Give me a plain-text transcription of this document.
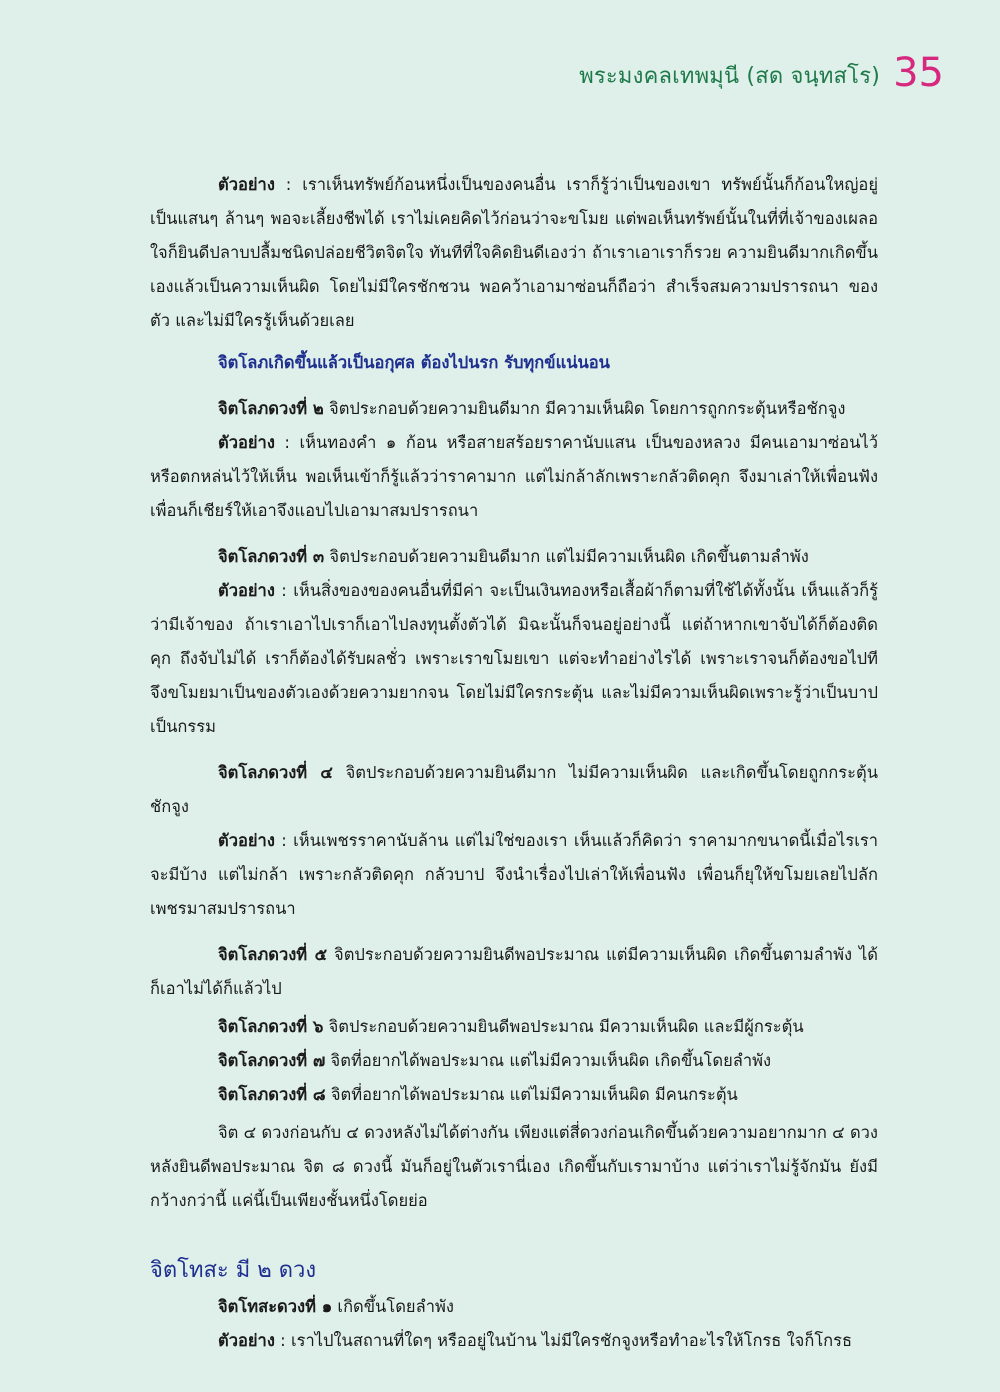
พระมงคลเทพมุนี (สด จนฺทสโร) 35

ตัวอย่าง : เราเห็นทรัพย์ก้อนหนึ่งเป็นของคนอื่น เราก็รู้ว่าเป็นของเขา ทรัพย์นั้นก็ก้อนใหญ่อยู่เป็นแสนๆ ล้านๆ พอจะเลี้ยงชีพได้ เราไม่เคยคิดไว้ก่อนว่าจะขโมย แต่พอเห็นทรัพย์นั้นในที่ที่เจ้าของเผลอ ใจก็ยินดีปลาบปลื้มชนิดปล่อยชีวิตจิตใจ ทันทีที่ใจคิดยินดีเองว่า ถ้าเราเอาเราก็รวย ความยินดีมากเกิดขึ้นเองแล้วเป็นความเห็นผิด โดยไม่มีใครชักชวน พอคว้าเอามาซ่อนก็ถือว่า สำเร็จสมความปรารถนา ของตัว และไม่มีใครรู้เห็นด้วยเลย

จิตโลภเกิดขึ้นแล้วเป็นอกุศล ต้องไปนรก รับทุกข์แน่นอน

จิตโลภดวงที่ ๒ จิตประกอบด้วยความยินดีมาก มีความเห็นผิด โดยการถูกกระตุ้นหรือชักจูง

ตัวอย่าง : เห็นทองคำ ๑ ก้อน หรือสายสร้อยราคานับแสน เป็นของหลวง มีคนเอามาซ่อนไว้ หรือตกหล่นไว้ให้เห็น พอเห็นเข้าก็รู้แล้วว่าราคามาก แต่ไม่กล้าลักเพราะกลัวติดคุก จึงมาเล่าให้เพื่อนฟัง เพื่อนก็เชียร์ให้เอาจึงแอบไปเอามาสมปรารถนา

จิตโลภดวงที่ ๓ จิตประกอบด้วยความยินดีมาก แต่ไม่มีความเห็นผิด เกิดขึ้นตามลำพัง

ตัวอย่าง : เห็นสิ่งของของคนอื่นที่มีค่า จะเป็นเงินทองหรือเสื้อผ้าก็ตามที่ใช้ได้ทั้งนั้น เห็นแล้วก็รู้ว่ามีเจ้าของ ถ้าเราเอาไปเราก็เอาไปลงทุนตั้งตัวได้ มิฉะนั้นก็จนอยู่อย่างนี้ แต่ถ้าหากเขาจับได้ก็ต้องติดคุก ถึงจับไม่ได้ เราก็ต้องได้รับผลชั่ว เพราะเราขโมยเขา แต่จะทำอย่างไรได้ เพราะเราจนก็ต้องขอไปที จึงขโมยมาเป็นของตัวเองด้วยความยากจน โดยไม่มีใครกระตุ้น และไม่มีความเห็นผิดเพราะรู้ว่าเป็นบาปเป็นกรรม

จิตโลภดวงที่ ๔ จิตประกอบด้วยความยินดีมาก ไม่มีความเห็นผิด และเกิดขึ้นโดยถูกกระตุ้นชักจูง

ตัวอย่าง : เห็นเพชรราคานับล้าน แต่ไม่ใช่ของเรา เห็นแล้วก็คิดว่า ราคามากขนาดนี้เมื่อไรเราจะมีบ้าง แต่ไม่กล้า เพราะกลัวติดคุก กลัวบาป จึงนำเรื่องไปเล่าให้เพื่อนฟัง เพื่อนก็ยุให้ขโมยเลยไปลักเพชรมาสมปรารถนา

จิตโลภดวงที่ ๕ จิตประกอบด้วยความยินดีพอประมาณ แต่มีความเห็นผิด เกิดขึ้นตามลำพัง ได้ก็เอาไม่ได้ก็แล้วไป

จิตโลภดวงที่ ๖ จิตประกอบด้วยความยินดีพอประมาณ มีความเห็นผิด และมีผู้กระตุ้น

จิตโลภดวงที่ ๗ จิตที่อยากได้พอประมาณ แต่ไม่มีความเห็นผิด เกิดขึ้นโดยลำพัง

จิตโลภดวงที่ ๘ จิตที่อยากได้พอประมาณ แต่ไม่มีความเห็นผิด มีคนกระตุ้น

จิต ๔ ดวงก่อนกับ ๔ ดวงหลังไม่ได้ต่างกัน เพียงแต่สี่ดวงก่อนเกิดขึ้นด้วยความอยากมาก ๔ ดวงหลังยินดีพอประมาณ จิต ๘ ดวงนี้ มันก็อยู่ในตัวเรานี่เอง เกิดขึ้นกับเรามาบ้าง แต่ว่าเราไม่รู้จักมัน ยังมีกว้างกว่านี้ แค่นี้เป็นเพียงชั้นหนึ่งโดยย่อ

จิตโทสะ มี ๒ ดวง

จิตโทสะดวงที่ ๑ เกิดขึ้นโดยลำพัง

ตัวอย่าง : เราไปในสถานที่ใดๆ หรืออยู่ในบ้าน ไม่มีใครชักจูงหรือทำอะไรให้โกรธ ใจก็โกรธ
